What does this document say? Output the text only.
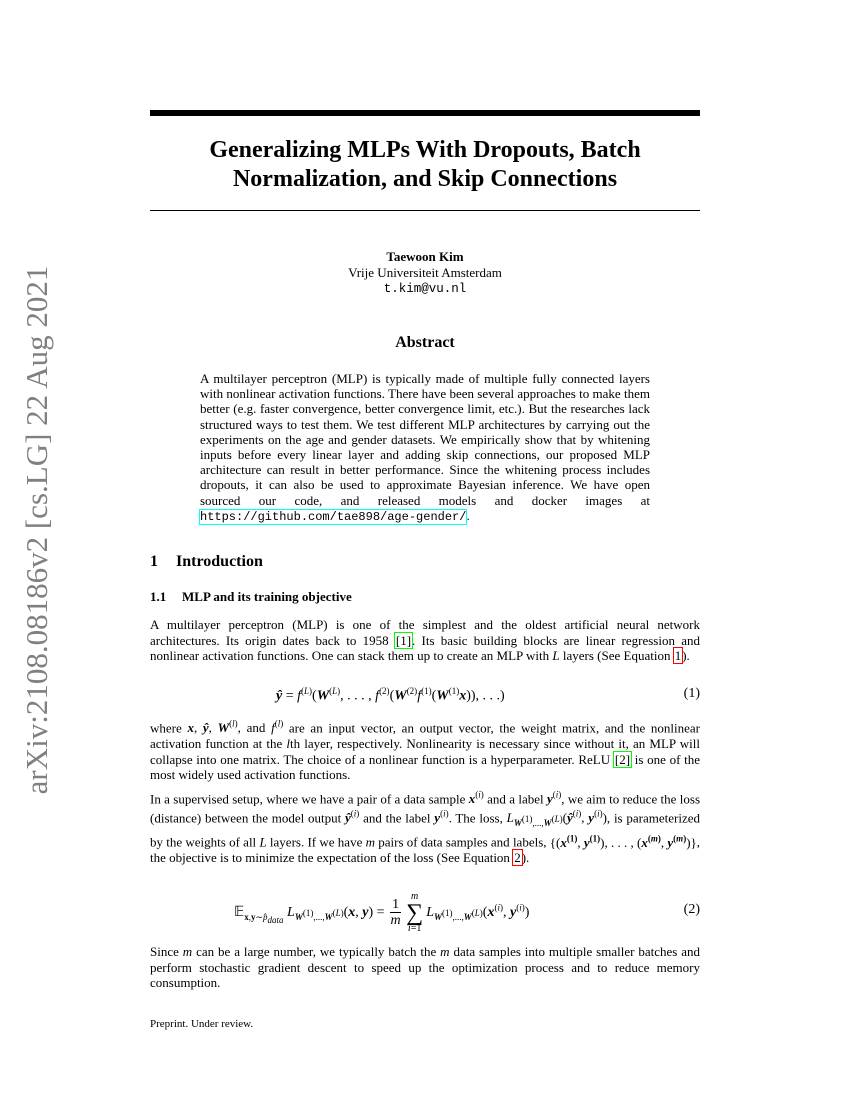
arXiv:2108.08186v2 [cs.LG] 22 Aug 2021
Generalizing MLPs With Dropouts, Batch
Normalization, and Skip Connections
Taewoon Kim
Vrije Universiteit Amsterdam
t.kim@vu.nl
Abstract
A multilayer perceptron (MLP) is typically made of multiple fully connected layers with nonlinear activation functions. There have been several approaches to make them better (e.g. faster convergence, better convergence limit, etc.). But the researches lack structured ways to test them. We test different MLP architectures by carrying out the experiments on the age and gender datasets. We empirically show that by whitening inputs before every linear layer and adding skip connections, our proposed MLP architecture can result in better performance. Since the whitening process includes dropouts, it can also be used to approximate Bayesian inference. We have open sourced our code, and released models and docker images at https://github.com/tae898/age-gender/.
1 Introduction
1.1 MLP and its training objective
A multilayer perceptron (MLP) is one of the simplest and the oldest artificial neural network architectures. Its origin dates back to 1958 [1]. Its basic building blocks are linear regression and nonlinear activation functions. One can stack them up to create an MLP with L layers (See Equation 1).
ŷ = $f^{(L)}(W^{(L)}$, . . . , $f^{(2)}(W^{(2)}f^{(1)}(W^{(1)}x))$, . . .)	(1)
where x, ŷ, $W^{(l)}$, and $f^{(l)}$ are an input vector, an output vector, the weight matrix, and the nonlinear activation function at the lth layer, respectively. Nonlinearity is necessary since without it, an MLP will collapse into one matrix. The choice of a nonlinear function is a hyperparameter. ReLU [2] is one of the most widely used activation functions.
In a supervised setup, where we have a pair of a data sample $x^{(i)}$ and a label $y^{(i)}$, we aim to reduce the loss (distance) between the model output $ŷ^{(i)}$ and the label $y^{(i)}$. The loss, $L_{W^{(1)},...,W^{(L)}}(ŷ^{(i)}$, $y^{(i)}$), is parameterized by the weights of all L layers. If we have m pairs of data samples and labels, {($x^{(1)}$, $y^{(1)}$), . . . , ($x^{(m)}$, $y^{(m)}$)}, the objective is to minimize the expectation of the loss (See Equation 2).
𝔼$_{x,y\sim p̂_{data}}$ $L_{W^{(1)},...,W^{(L)}}(x$, $y) = \frac{1}{m}$
m
∑
$i=1L_{W^{(1)},...,W^{(L)}}(x^{(i)}$, $y^{(i)}$)	(2)
Since m can be a large number, we typically batch the m data samples into multiple smaller batches and perform stochastic gradient descent to speed up the optimization process and to reduce memory consumption.
Preprint. Under review.
